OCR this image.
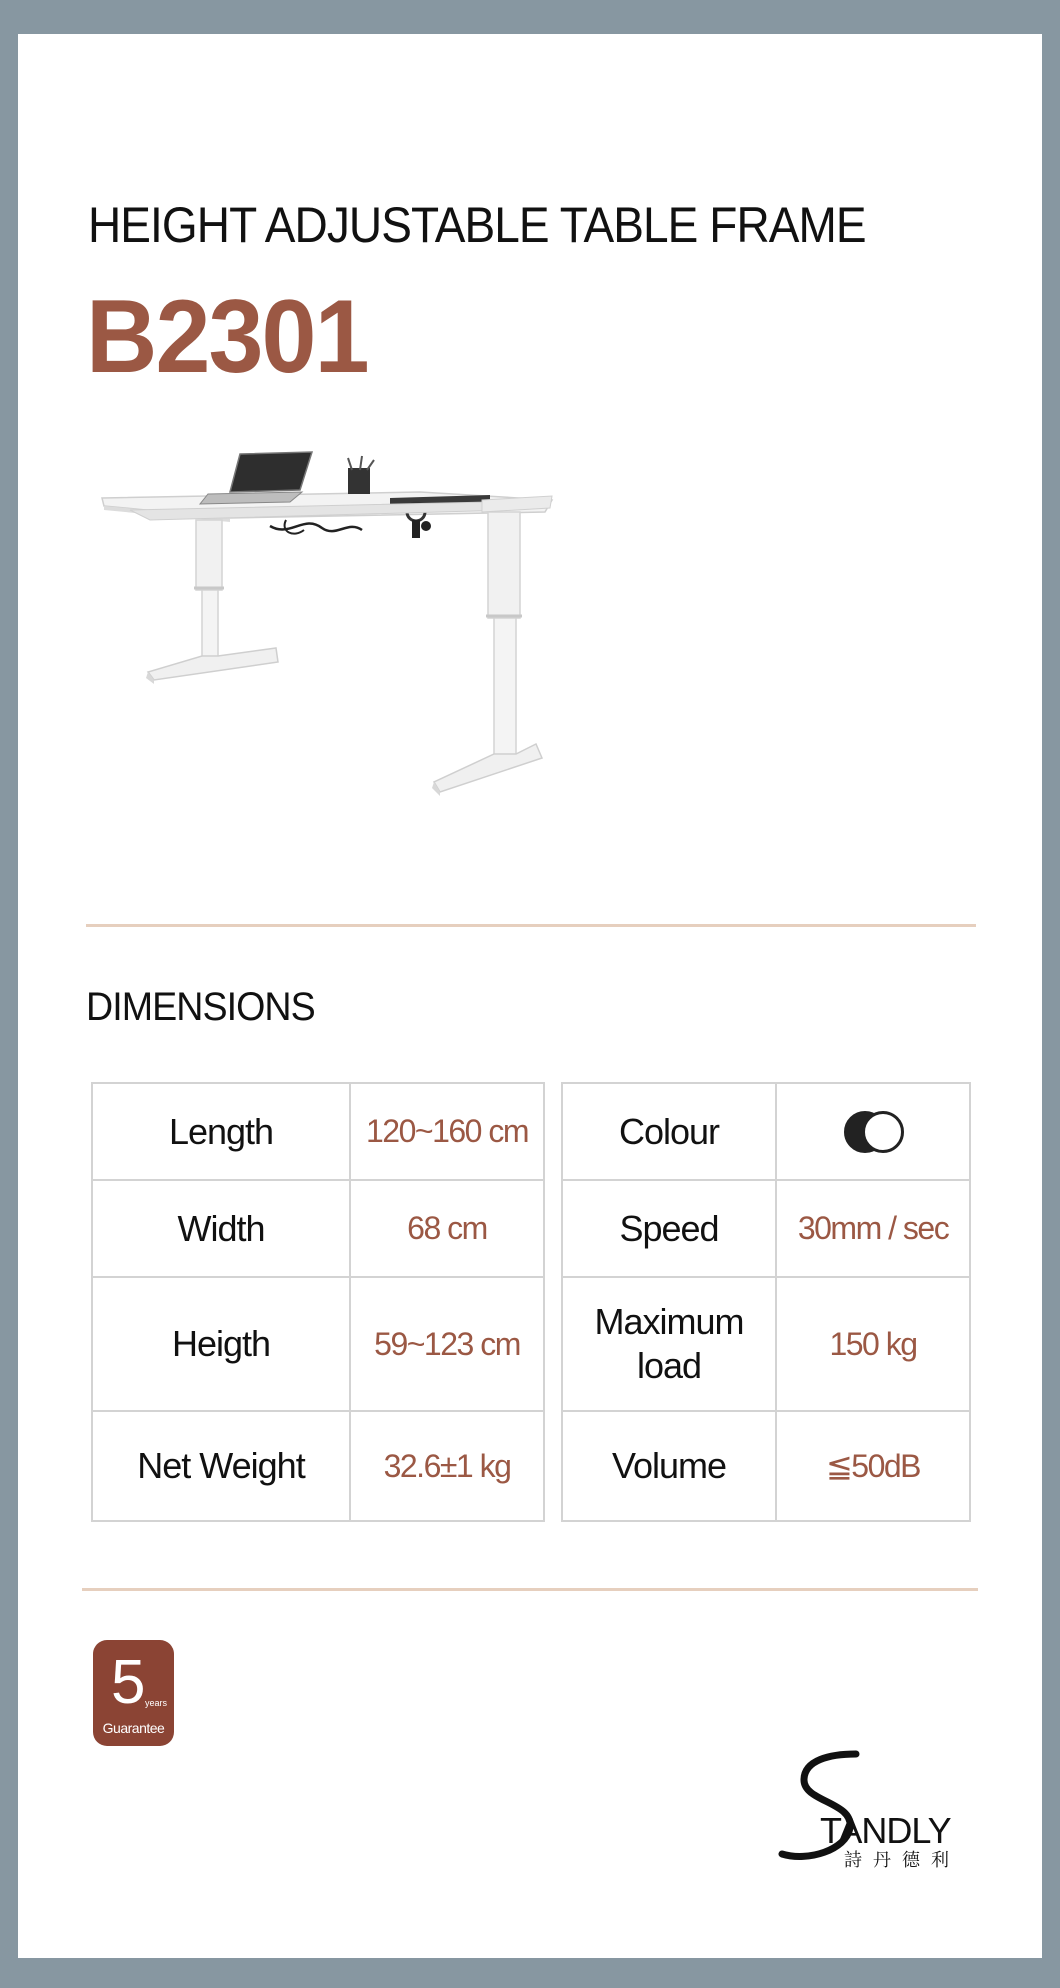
HEIGHT ADJUSTABLE TABLE FRAME
B2301
DIMENSIONS
Length	120~160 cm
Width	68 cm
Heigth	59~123 cm
Net Weight	32.6±1 kg
Colour	

Speed	30mm / sec

Maximum
load	150 kg
Volume	≦50dB
5 years
Guarantee
TANDLY
詩丹德利
